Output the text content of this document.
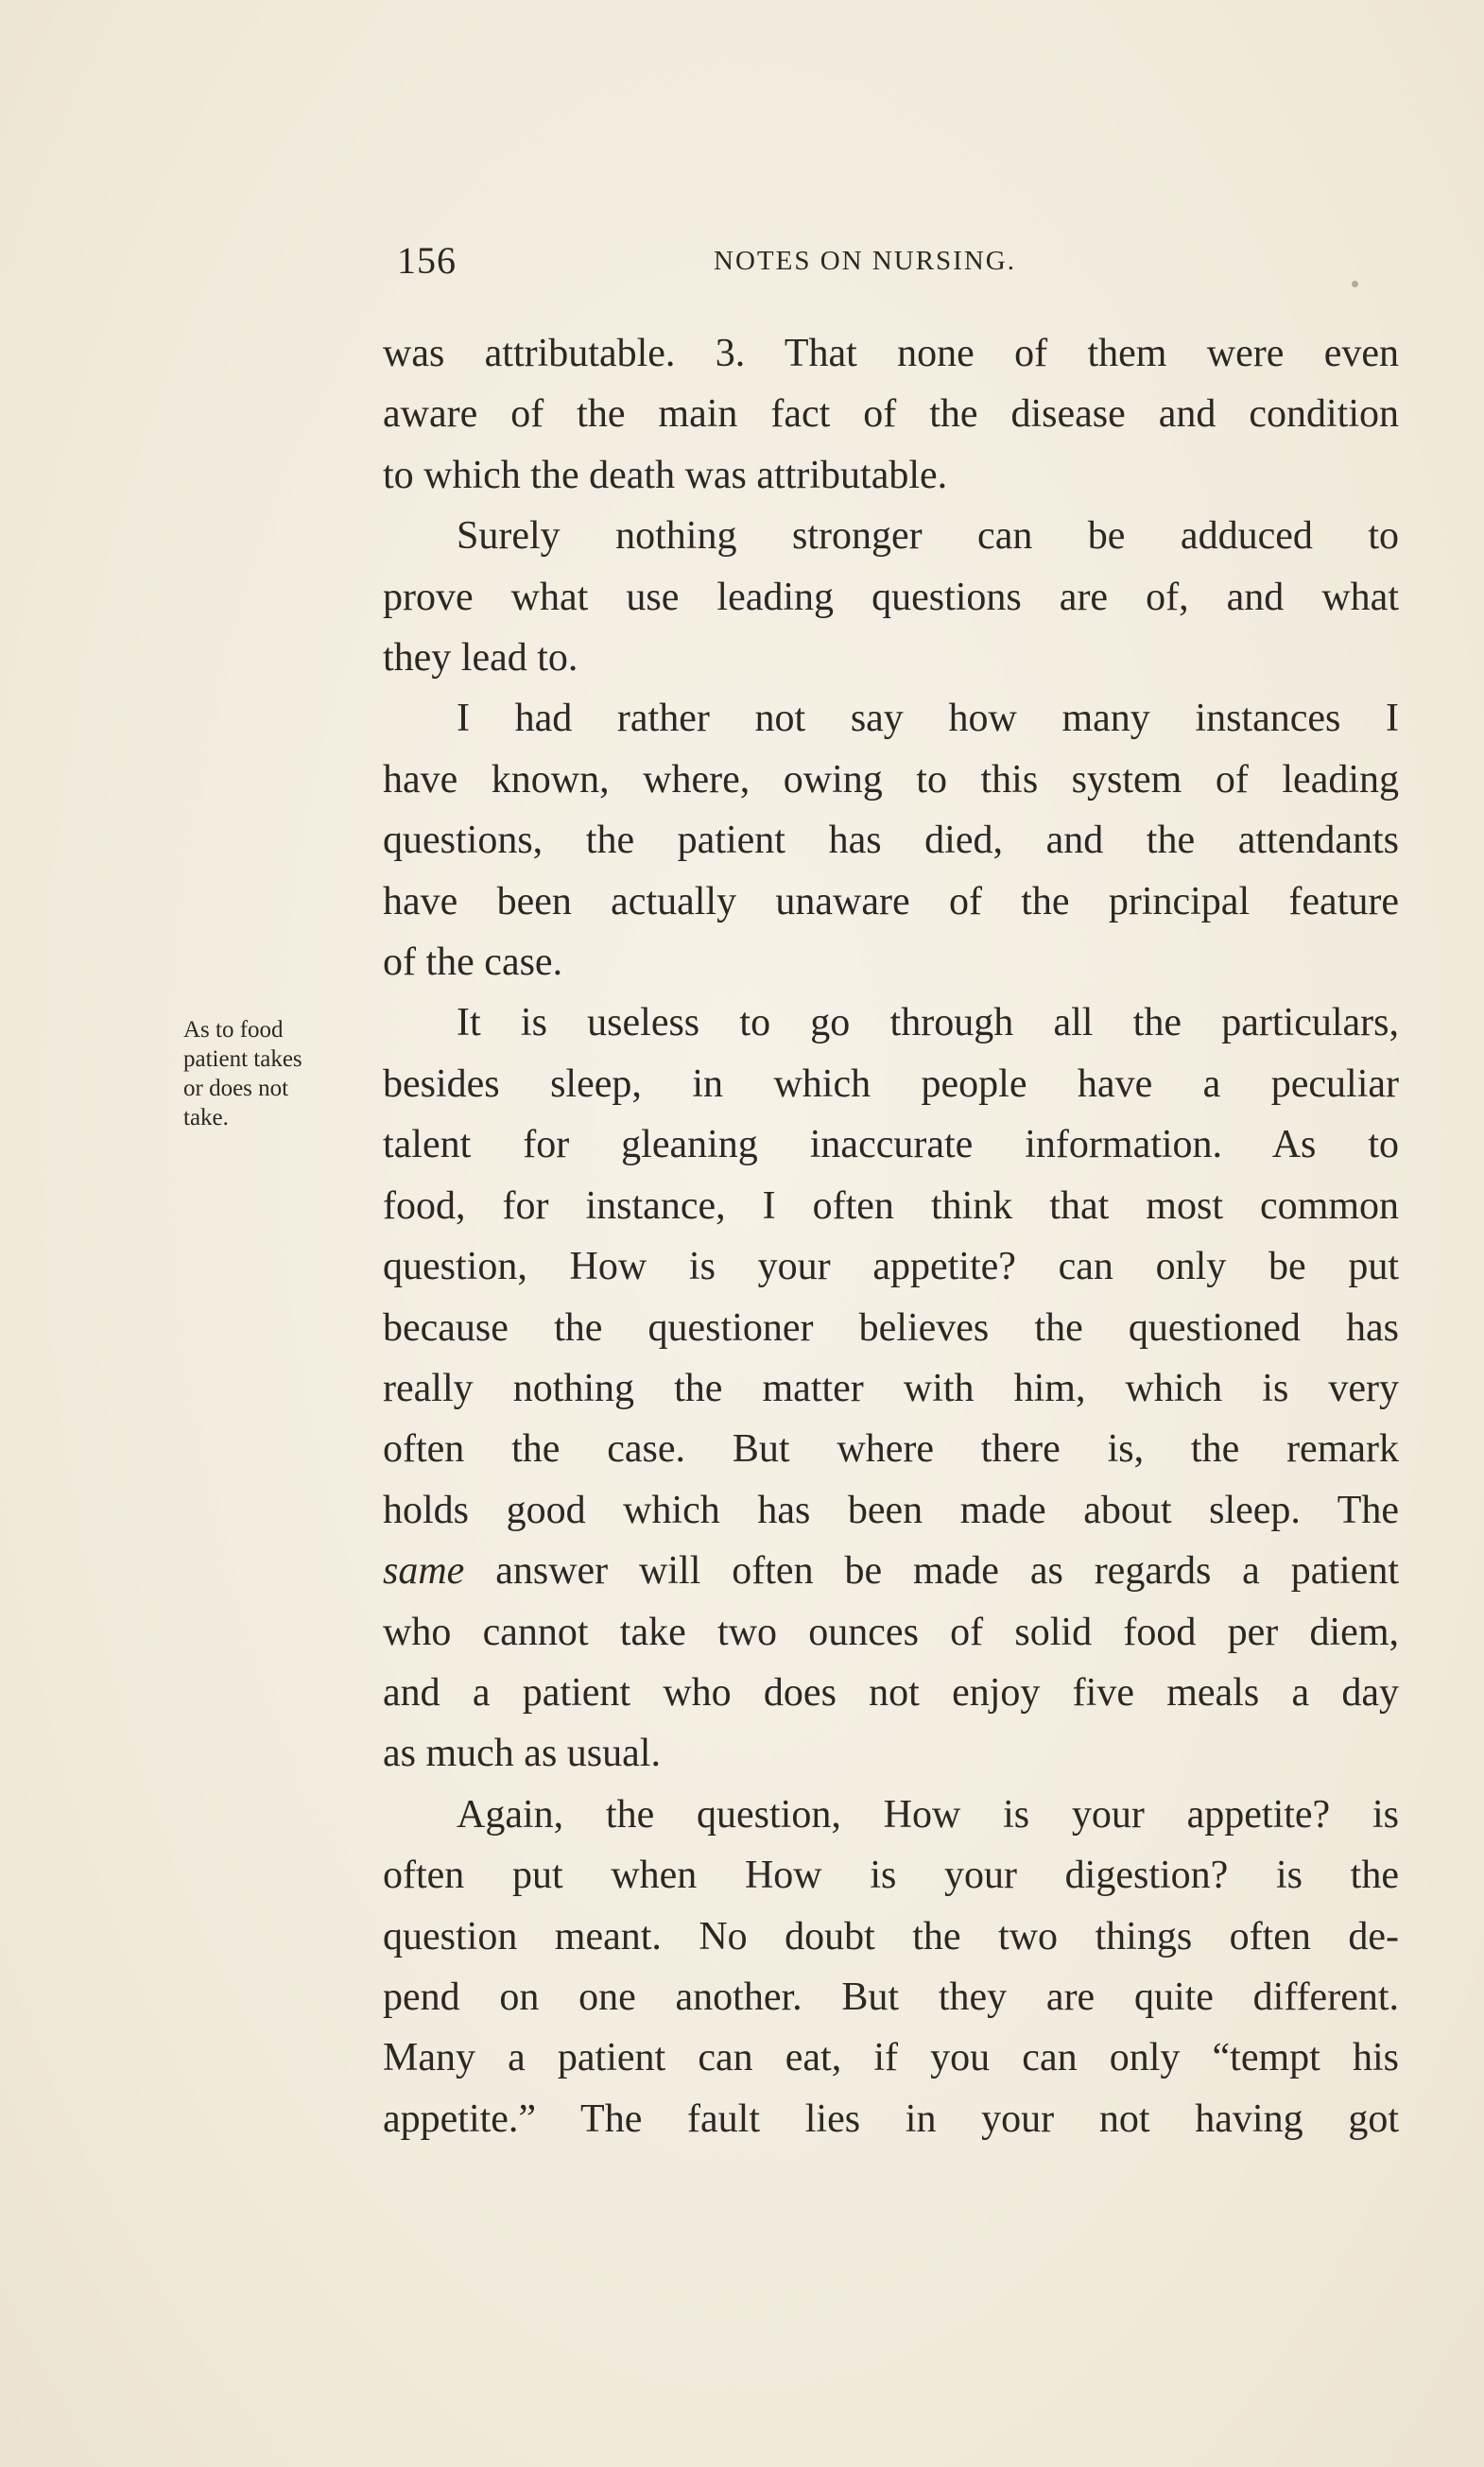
156	NOTES ON NURSING.
As to food
patient takes
or does not
take.

was attributable. 3. That none of them were even

aware of the main fact of the disease and condition

to which the death was attributable.

Surely nothing stronger can be adduced to

prove what use leading questions are of, and what

they lead to.

I had rather not say how many instances I

have known, where, owing to this system of leading

questions, the patient has died, and the attendants

have been actually unaware of the principal feature

of the case.

It is useless to go through all the particulars,

besides sleep, in which people have a peculiar

talent for gleaning inaccurate information. As to

food, for instance, I often think that most common

question, How is your appetite? can only be put

because the questioner believes the questioned has

really nothing the matter with him, which is very

often the case. But where there is, the remark

holds good which has been made about sleep. The

same answer will often be made as regards a patient

who cannot take two ounces of solid food per diem,

and a patient who does not enjoy five meals a day

as much as usual.

Again, the question, How is your appetite? is

often put when How is your digestion? is the

question meant. No doubt the two things often de-

pend on one another. But they are quite different.

Many a patient can eat, if you can only “tempt his

appetite.” The fault lies in your not having got
